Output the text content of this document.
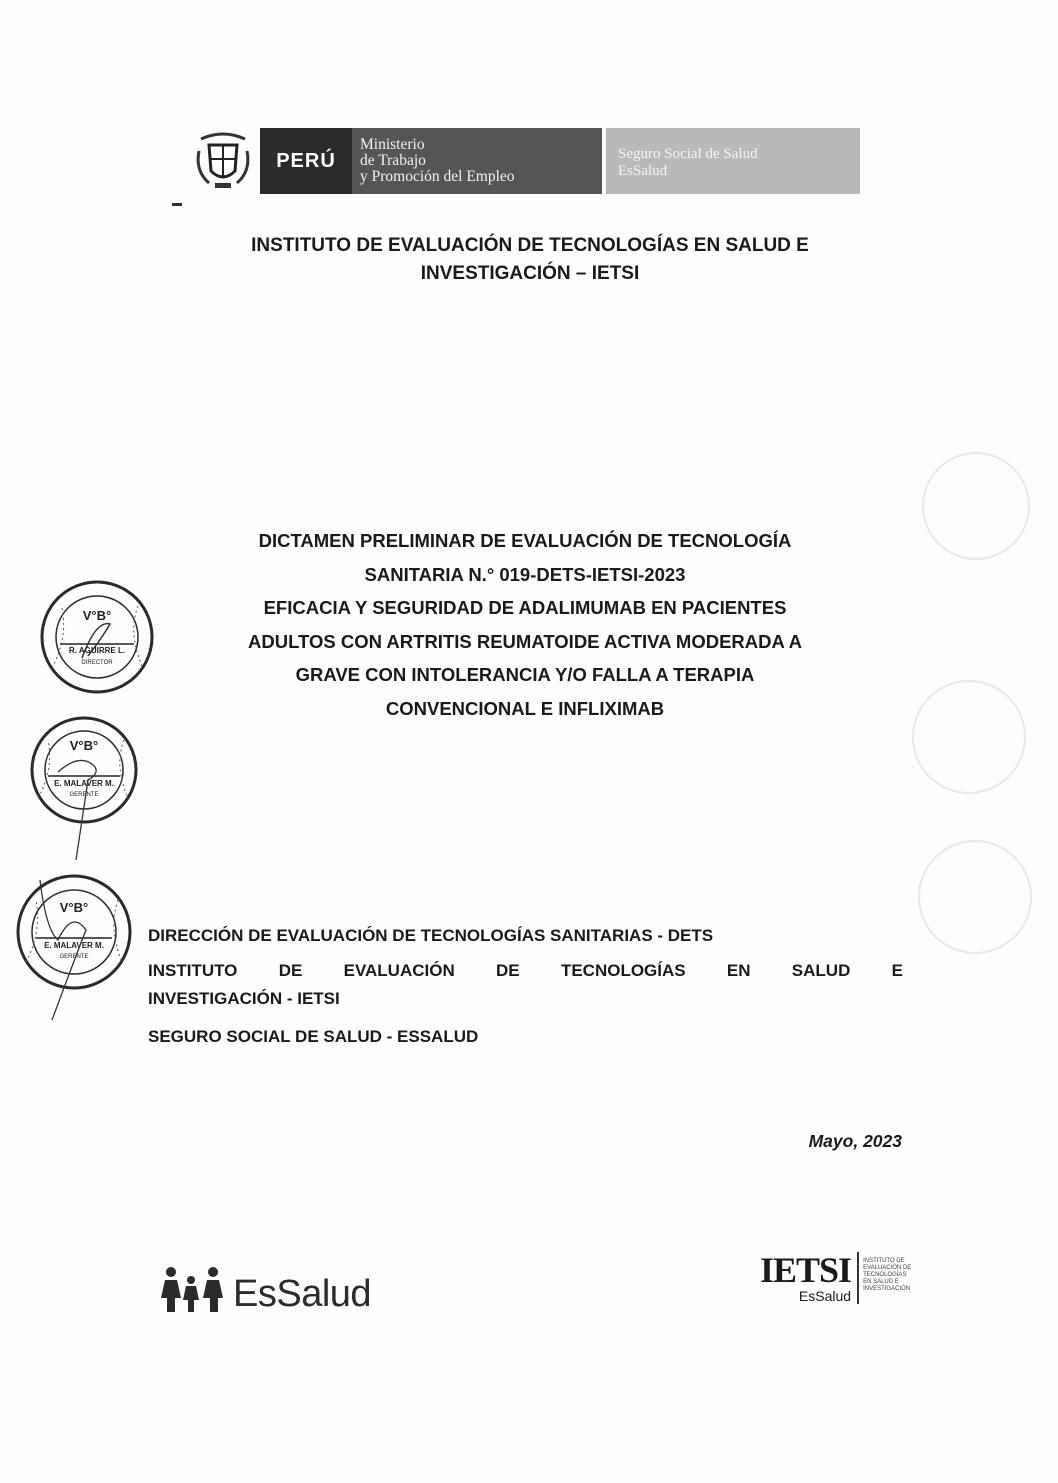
PERÚ
Ministerio
de Trabajo
y Promoción del Empleo
Seguro Social de Salud
EsSalud
INSTITUTO DE EVALUACIÓN DE TECNOLOGÍAS EN SALUD E
INVESTIGACIÓN – IETSI
DICTAMEN PRELIMINAR DE EVALUACIÓN DE TECNOLOGÍA
SANITARIA N.° 019-DETS-IETSI-2023
EFICACIA Y SEGURIDAD DE ADALIMUMAB EN PACIENTES
ADULTOS CON ARTRITIS REUMATOIDE ACTIVA MODERADA A
GRAVE CON INTOLERANCIA Y/O FALLA A TERAPIA
CONVENCIONAL E INFLIXIMAB
V°B°
R. AGUIRRE L.
DIRECTOR
V°B°
E. MALAVER M.
GERENTE
V°B°
E. MALAVER M.
GERENTE
DIRECCIÓN DE EVALUACIÓN DE TECNOLOGÍAS SANITARIAS - DETS
INSTITUTO DE EVALUACIÓN DE TECNOLOGÍAS EN SALUD E
INVESTIGACIÓN - IETSI
SEGURO SOCIAL DE SALUD - ESSALUD
Mayo, 2023
EsSalud
IETSI
EsSalud
INSTITUTO DE EVALUACIÓN DE TECNOLOGÍAS EN SALUD E INVESTIGACIÓN
